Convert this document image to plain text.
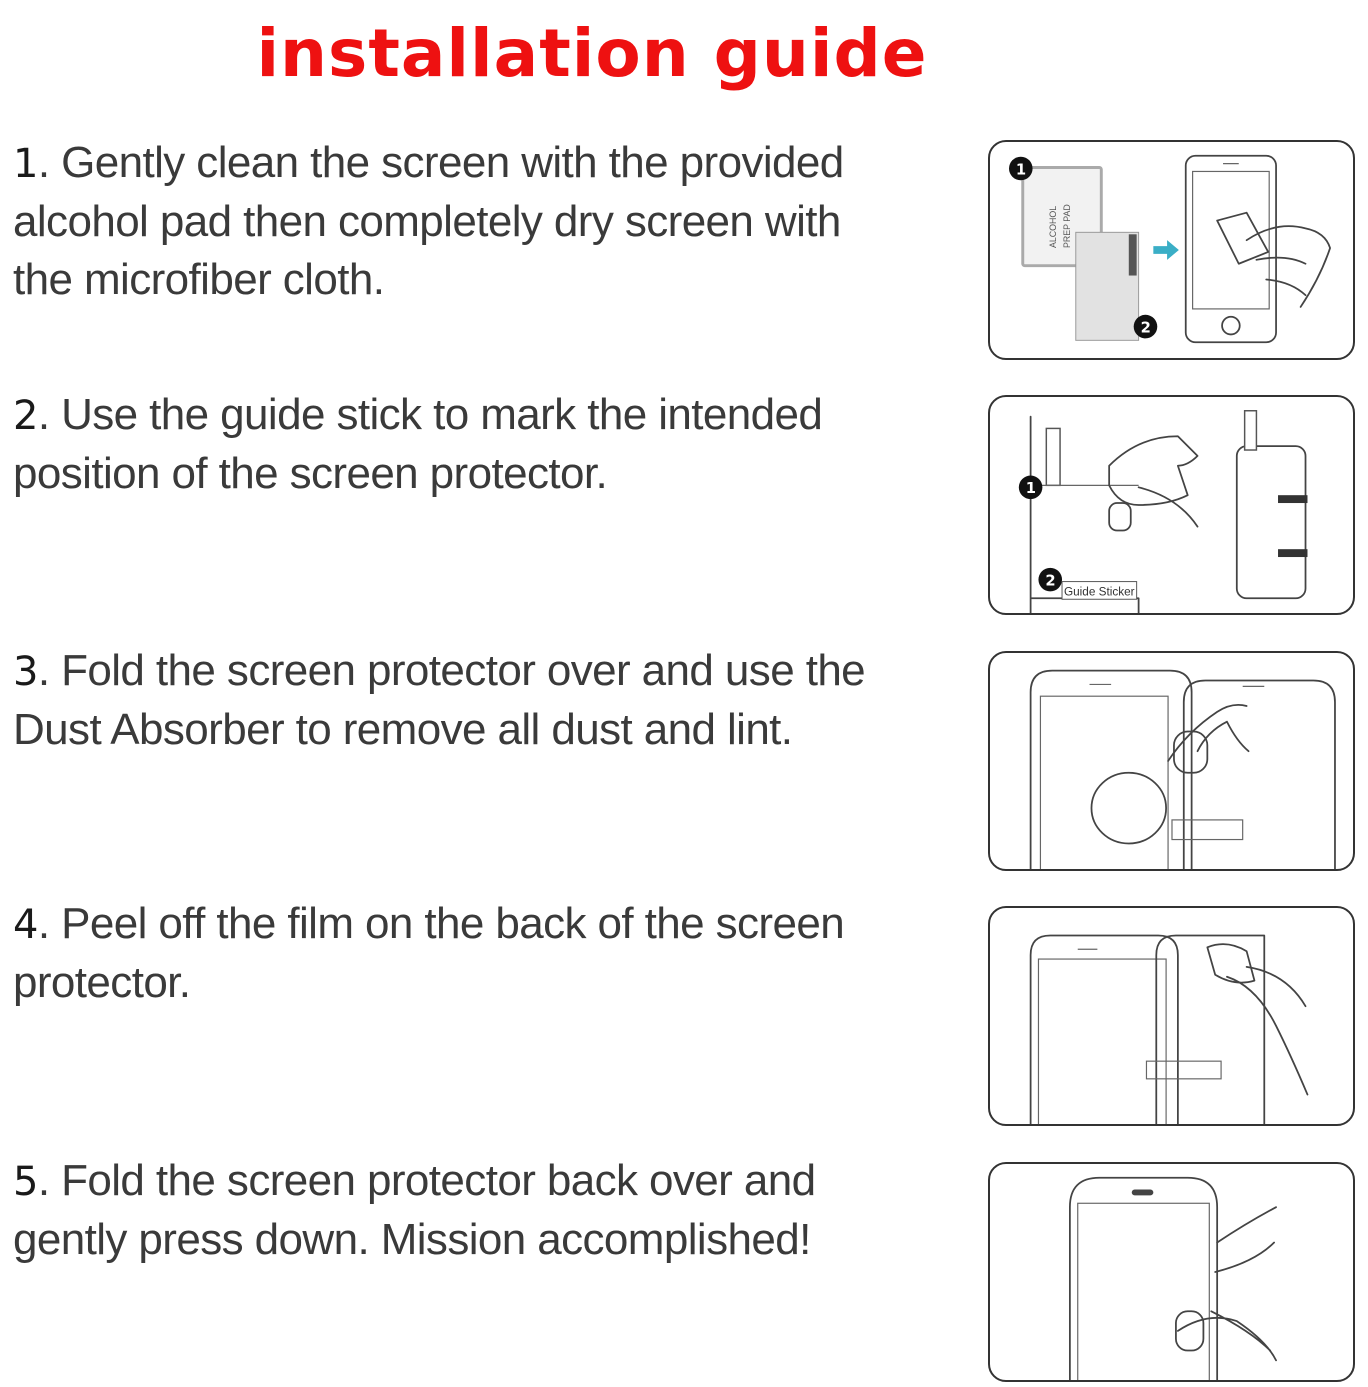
installation guide
1. Gently clean the screen with the provided alcohol pad then completely dry screen with the microfiber cloth.
2. Use the guide stick to mark the intended position of the screen protector.
3. Fold the screen protector over and use the Dust Absorber to remove all dust and lint.
4. Peel off the film on the back of the screen protector.
5. Fold the screen protector back over and gently press down. Mission accomplished!
ALCOHOL PREP PAD
1
2
1
2
Guide Sticker
